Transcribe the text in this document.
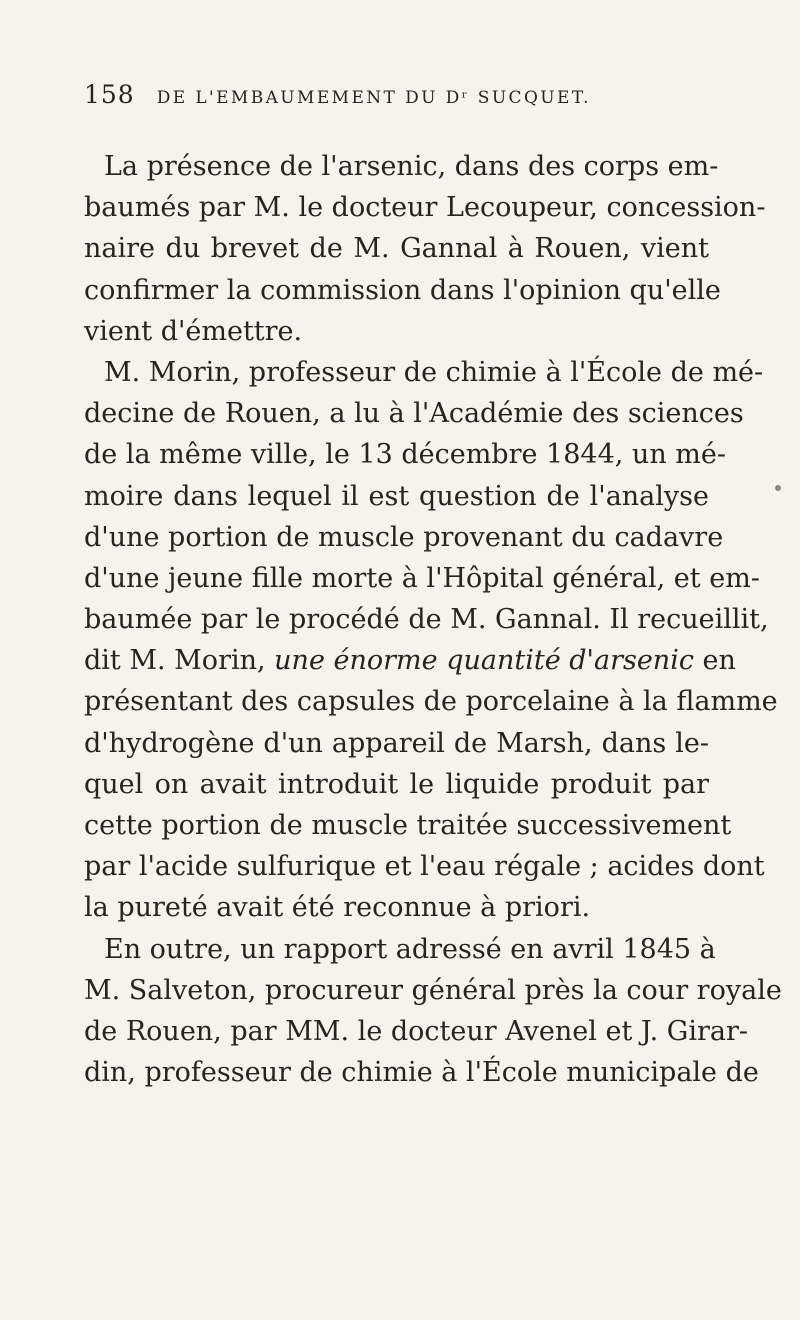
158 DE L'EMBAUMEMENT DU Dʳ SUCQUET.
La présence de l'arsenic, dans des corps em-
baumés par M. le docteur Lecoupeur, concession-
naire du brevet de M. Gannal à Rouen, vient
confirmer la commission dans l'opinion qu'elle
vient d'émettre.
M. Morin, professeur de chimie à l'École de mé-
decine de Rouen, a lu à l'Académie des sciences
de la même ville, le 13 décembre 1844, un mé-
moire dans lequel il est question de l'analyse
d'une portion de muscle provenant du cadavre
d'une jeune fille morte à l'Hôpital général, et em-
baumée par le procédé de M. Gannal. Il recueillit,
dit M. Morin, une énorme quantité d'arsenic en
présentant des capsules de porcelaine à la flamme
d'hydrogène d'un appareil de Marsh, dans le-
quel on avait introduit le liquide produit par
cette portion de muscle traitée successivement
par l'acide sulfurique et l'eau régale ; acides dont
la pureté avait été reconnue à priori.
En outre, un rapport adressé en avril 1845 à
M. Salveton, procureur général près la cour royale
de Rouen, par MM. le docteur Avenel et J. Girar-
din, professeur de chimie à l'École municipale de
